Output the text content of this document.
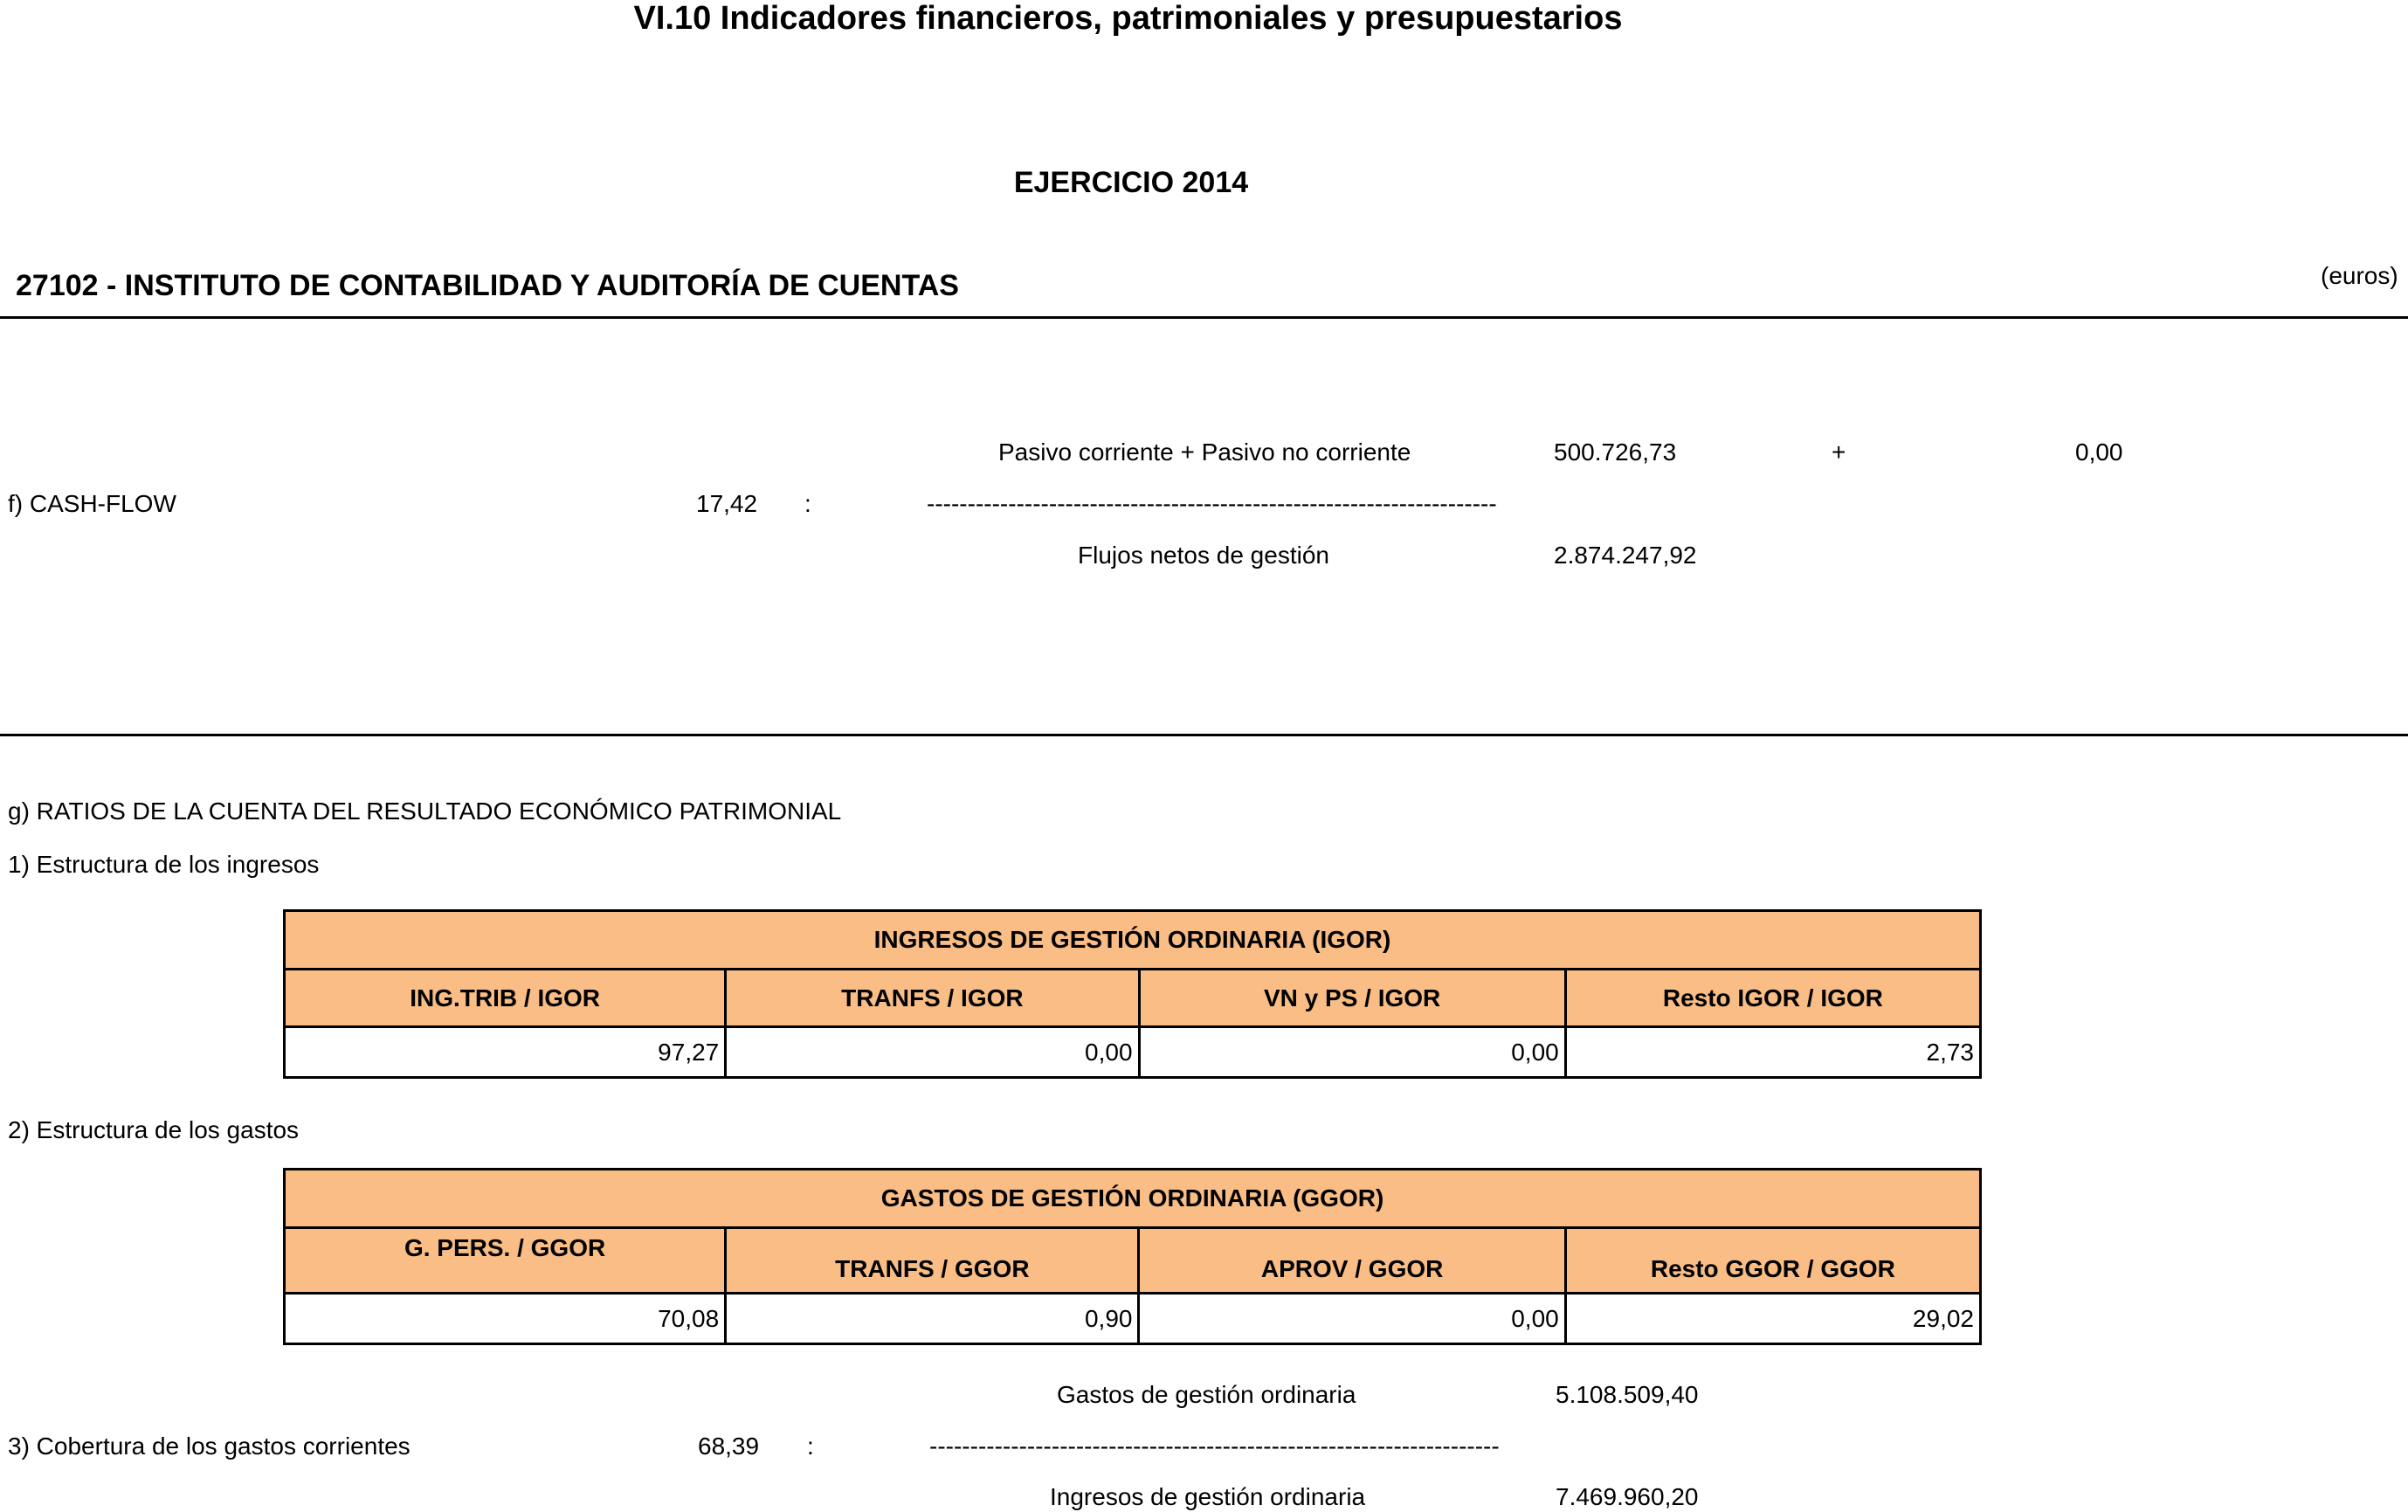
VI.10 Indicadores financieros, patrimoniales y presupuestarios
EJERCICIO 2014
27102 - INSTITUTO DE CONTABILIDAD Y AUDITORÍA DE CUENTAS	(euros)
Pasivo corriente + Pasivo no corriente	500.726,73	+	0,00
f) CASH-FLOW	17,42 :	----------------------------------------------------------------------
Flujos netos de gestión	2.874.247,92
g) RATIOS DE LA CUENTA DEL RESULTADO ECONÓMICO PATRIMONIAL
1) Estructura de los ingresos
INGRESOS DE GESTIÓN ORDINARIA (IGOR)			
ING.TRIB / IGOR	TRANFS / IGOR	VN y PS / IGOR	Resto IGOR / IGOR
97,27	0,00	0,00	2,73
2) Estructura de los gastos
GASTOS DE GESTIÓN ORDINARIA (GGOR)			
G. PERS. / GGOR	TRANFS / GGOR	APROV / GGOR	Resto GGOR / GGOR
70,08	0,90	0,00	29,02
Gastos de gestión ordinaria	5.108.509,40
3) Cobertura de los gastos corrientes	68,39 :	----------------------------------------------------------------------
Ingresos de gestión ordinaria	7.469.960,20
